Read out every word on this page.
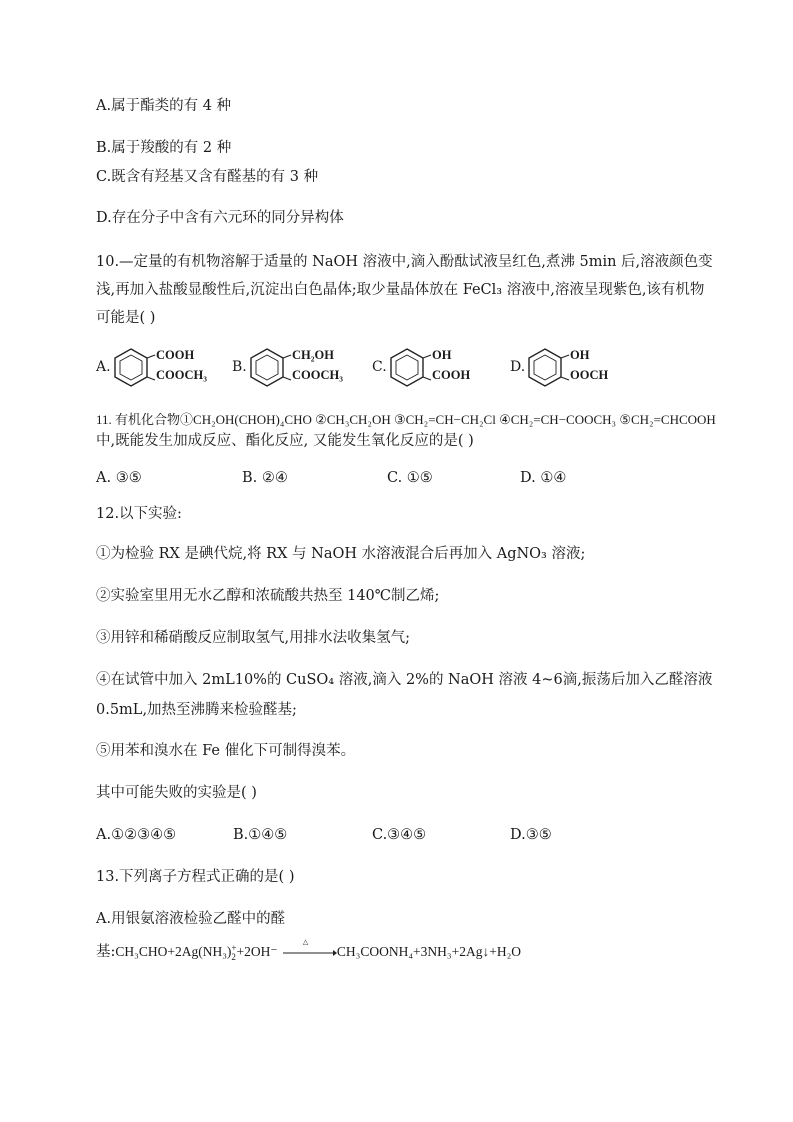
A.属于酯类的有 4 种
B.属于羧酸的有 2 种
C.既含有羟基又含有醛基的有 3 种
D.存在分子中含有六元环的同分异构体
10.—定量的有机物溶解于适量的 NaOH 溶液中,滴入酚酞试液呈红色,煮沸 5min 后,溶液颜色变
浅,再加入盐酸显酸性后,沉淀出白色晶体;取少量晶体放在 FeCl₃ 溶液中,溶液呈现紫色,该有机物
可能是( )
A.
COOH
COOCH₃ B.
CH₂OH
COOCH₃ C.
OH
COOH	D.
OH
OOCH
11. 有机化合物①CH₂OH(CHOH)₄CHO ②CH₃CH₂OH ③CH₂=CH−CH₂Cl ④CH₂=CH−COOCH₃ ⑤CH₂=CHCOOH
中,既能发生加成反应、酯化反应, 又能发生氧化反应的是( )
A. ③⑤	B. ②④	C. ①⑤	D. ①④
12.以下实验:
①为检验 RX 是碘代烷,将 RX 与 NaOH 水溶液混合后再加入 AgNO₃ 溶液;
②实验室里用无水乙醇和浓硫酸共热至 140℃制乙烯;
③用锌和稀硝酸反应制取氢气,用排水法收集氢气;
④在试管中加入 2mL10%的 CuSO₄ 溶液,滴入 2%的 NaOH 溶液 4~6滴,振荡后加入乙醛溶液
0.5mL,加热至沸腾来检验醛基;
⑤用苯和溴水在 Fe 催化下可制得溴苯。
其中可能失败的实验是( )
A.①②③④⑤	B.①④⑤	C.③④⑤	D.③⑤
13.下列离子方程式正确的是( )
A.用银氨溶液检验乙醛中的醛
基:CH₃CHO+2Ag(NH₃) +
2 +2OH⁻
△
CH₃COONH₄+3NH₃+2Ag↓+H₂O
